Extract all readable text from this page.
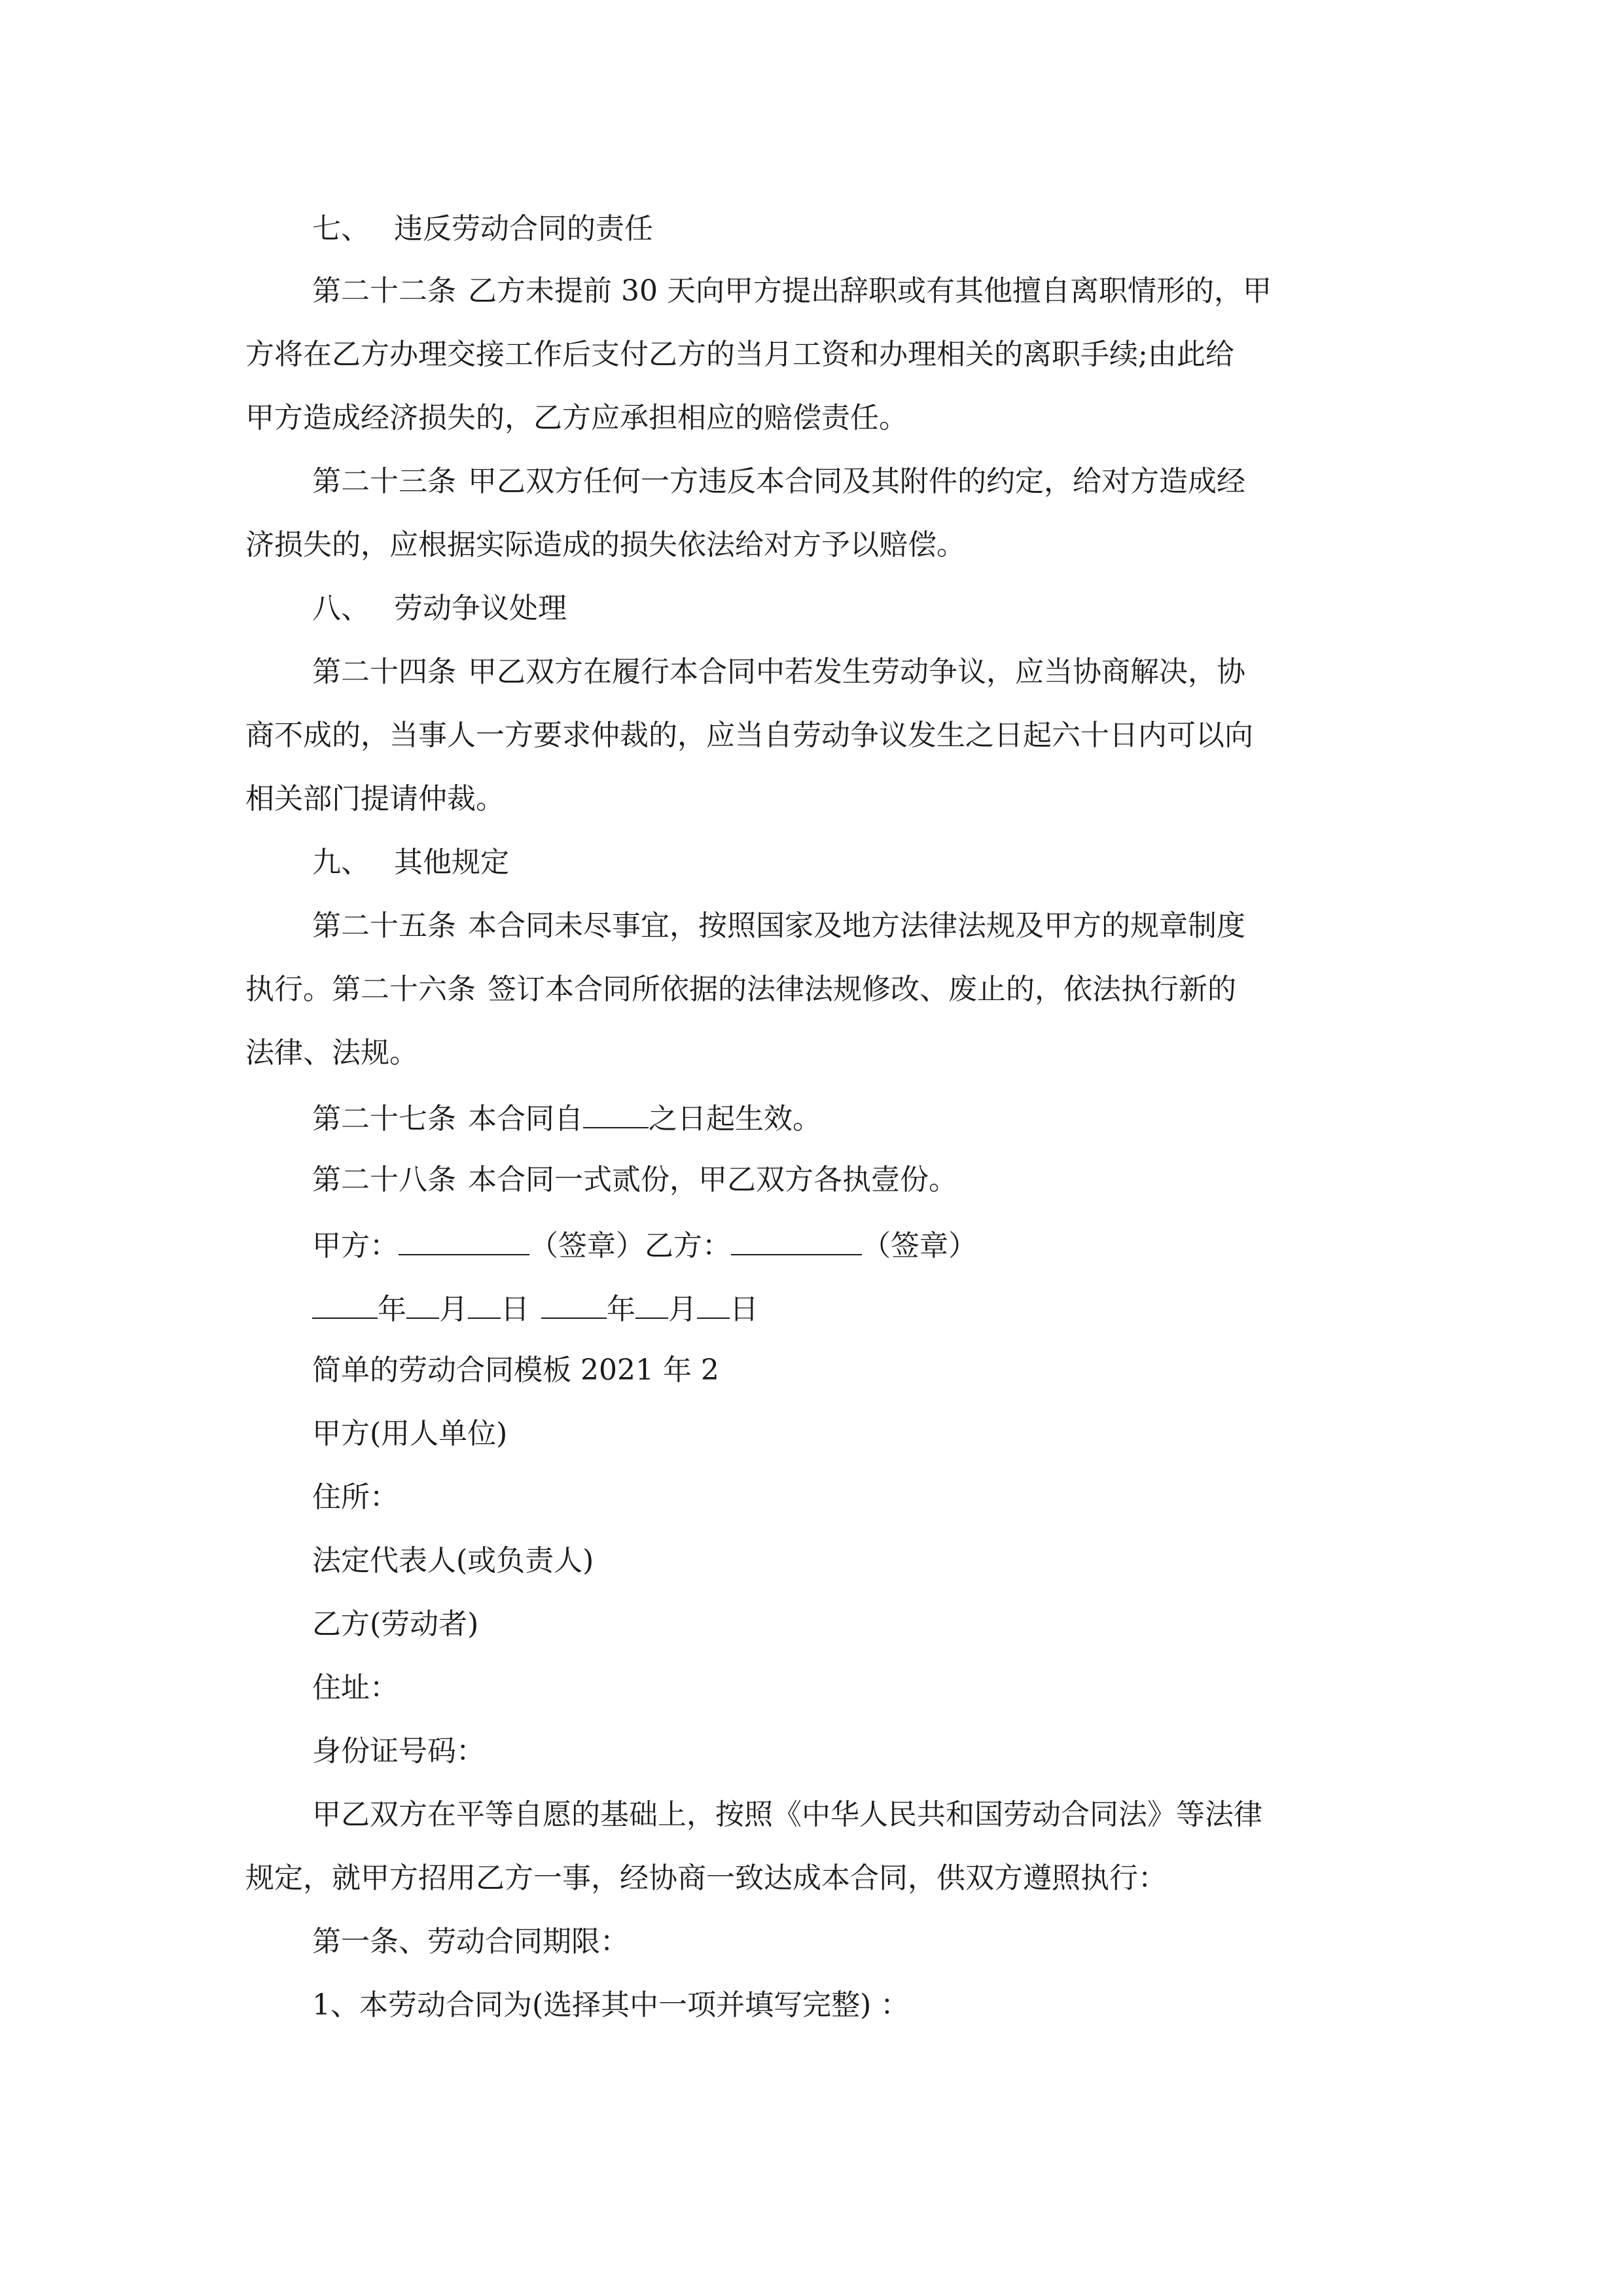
七、 违反劳动合同的责任
第二十二条 乙方未提前 30 天向甲方提出辞职或有其他擅自离职情形的，甲
方将在乙方办理交接工作后支付乙方的当月工资和办理相关的离职手续;由此给
甲方造成经济损失的，乙方应承担相应的赔偿责任。
第二十三条 甲乙双方任何一方违反本合同及其附件的约定，给对方造成经
济损失的，应根据实际造成的损失依法给对方予以赔偿。
八、 劳动争议处理
第二十四条 甲乙双方在履行本合同中若发生劳动争议，应当协商解决，协
商不成的，当事人一方要求仲裁的，应当自劳动争议发生之日起六十日内可以向
相关部门提请仲裁。
九、 其他规定
第二十五条 本合同未尽事宜，按照国家及地方法律法规及甲方的规章制度
执行。第二十六条 签订本合同所依据的法律法规修改、废止的，依法执行新的
法律、法规。
第二十七条 本合同自 之日起生效。
第二十八条 本合同一式贰份，甲乙双方各执壹份。
甲方：	（签章）乙方：	（签章）
年 月 日	年 月 日
简单的劳动合同模板 2021 年 2
甲方(用人单位)
住所：
法定代表人(或负责人)
乙方(劳动者)
住址：
身份证号码：
甲乙双方在平等自愿的基础上，按照《中华人民共和国劳动合同法》等法律
规定，就甲方招用乙方一事，经协商一致达成本合同，供双方遵照执行：
第一条、劳动合同期限：
1、本劳动合同为(选择其中一项并填写完整) ：
